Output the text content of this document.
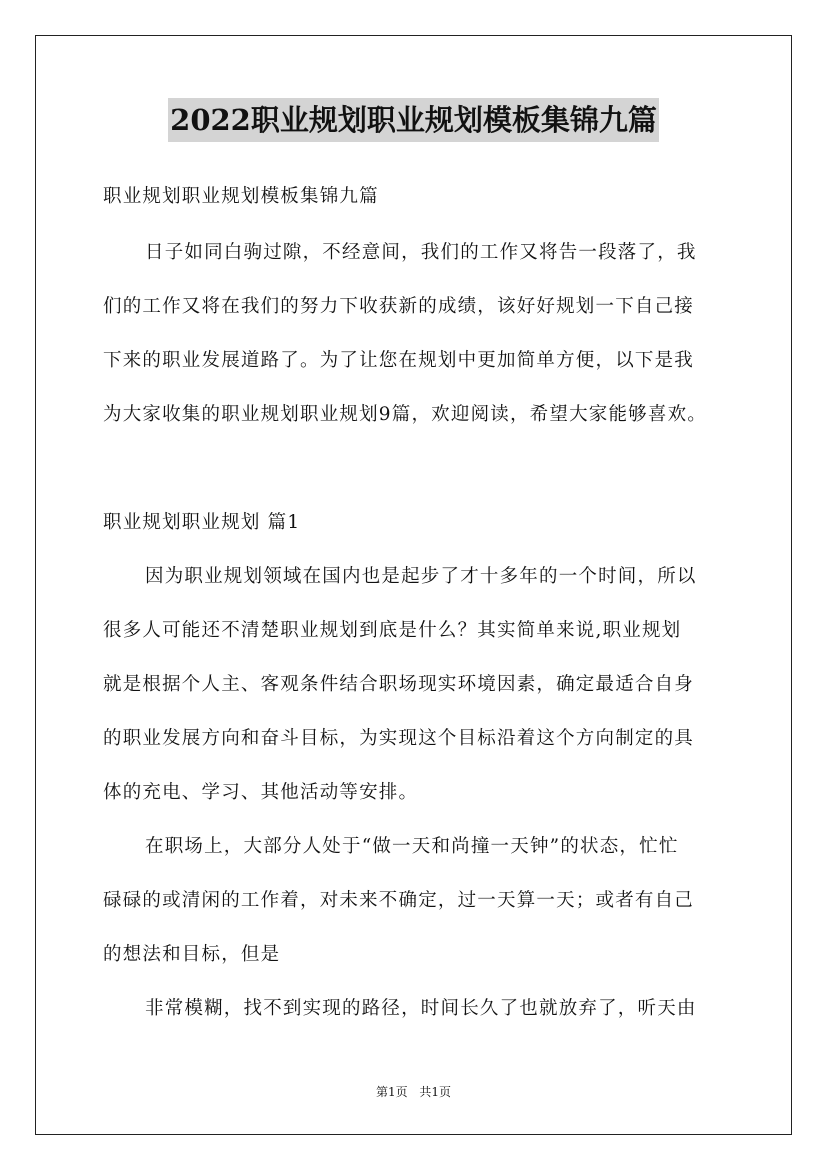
2022职业规划职业规划模板集锦九篇
职业规划职业规划模板集锦九篇
日子如同白驹过隙，不经意间，我们的工作又将告一段落了，我
们的工作又将在我们的努力下收获新的成绩，该好好规划一下自己接
下来的职业发展道路了。为了让您在规划中更加简单方便，以下是我
为大家收集的职业规划职业规划9篇，欢迎阅读，希望大家能够喜欢。
职业规划职业规划 篇1
因为职业规划领域在国内也是起步了才十多年的一个时间，所以
很多人可能还不清楚职业规划到底是什么？其实简单来说,职业规划
就是根据个人主、客观条件结合职场现实环境因素，确定最适合自身
的职业发展方向和奋斗目标，为实现这个目标沿着这个方向制定的具
体的充电、学习、其他活动等安排。
在职场上，大部分人处于“做一天和尚撞一天钟”的状态，忙忙
碌碌的或清闲的工作着，对未来不确定，过一天算一天；或者有自己
的想法和目标，但是
非常模糊，找不到实现的路径，时间长久了也就放弃了，听天由
第1页 共1页
